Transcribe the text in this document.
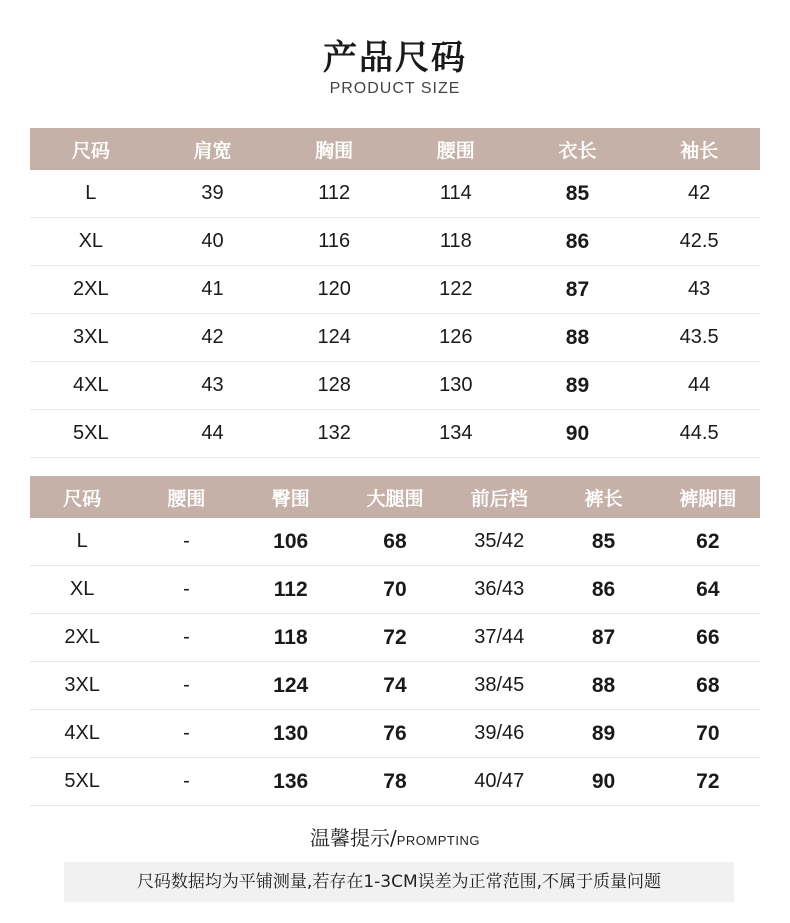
产品尺码
PRODUCT SIZE
尺码	肩宽	胸围	腰围	衣长	袖长
L	39	112	114	85	42
XL	40	116	118	86	42.5
2XL	41	120	122	87	43
3XL	42	124	126	88	43.5
4XL	43	128	130	89	44
5XL	44	132	134	90	44.5
尺码	腰围	臀围	大腿围	前后档	裤长	裤脚围
L	-	106	68	35/42	85	62
XL	-	112	70	36/43	86	64
2XL	-	118	72	37/44	87	66
3XL	-	124	74	38/45	88	68
4XL	-	130	76	39/46	89	70
5XL	-	136	78	40/47	90	72
温馨提示/PROMPTING
尺码数据均为平铺测量,若存在1-3CM误差为正常范围,不属于质量问题
